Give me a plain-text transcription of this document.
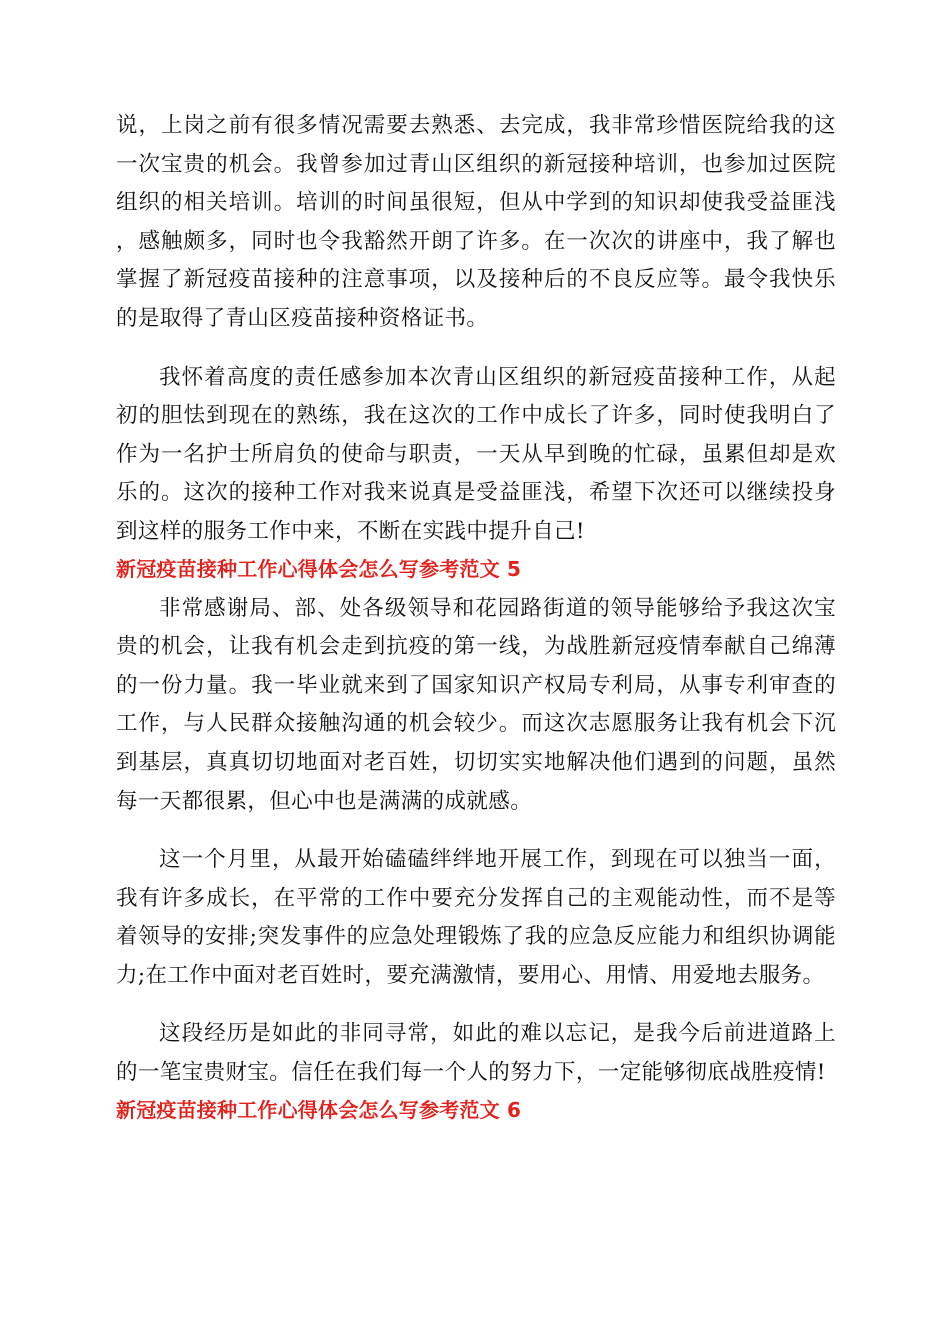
说，上岗之前有很多情况需要去熟悉、去完成，我非常珍惜医院给我的这一次宝贵的机会。我曾参加过青山区组织的新冠接种培训，也参加过医院组织的相关培训。培训的时间虽很短，但从中学到的知识却使我受益匪浅，感触颇多，同时也令我豁然开朗了许多。在一次次的讲座中，我了解也掌握了新冠疫苗接种的注意事项，以及接种后的不良反应等。最令我快乐的是取得了青山区疫苗接种资格证书。

我怀着高度的责任感参加本次青山区组织的新冠疫苗接种工作，从起初的胆怯到现在的熟练，我在这次的工作中成长了许多，同时使我明白了作为一名护士所肩负的使命与职责，一天从早到晚的忙碌，虽累但却是欢乐的。这次的接种工作对我来说真是受益匪浅，希望下次还可以继续投身到这样的服务工作中来，不断在实践中提升自己!

新冠疫苗接种工作心得体会怎么写参考范文 5

非常感谢局、部、处各级领导和花园路街道的领导能够给予我这次宝贵的机会，让我有机会走到抗疫的第一线，为战胜新冠疫情奉献自己绵薄的一份力量。我一毕业就来到了国家知识产权局专利局，从事专利审查的工作，与人民群众接触沟通的机会较少。而这次志愿服务让我有机会下沉到基层，真真切切地面对老百姓，切切实实地解决他们遇到的问题，虽然每一天都很累，但心中也是满满的成就感。

这一个月里，从最开始磕磕绊绊地开展工作，到现在可以独当一面，我有许多成长，在平常的工作中要充分发挥自己的主观能动性，而不是等着领导的安排;突发事件的应急处理锻炼了我的应急反应能力和组织协调能力;在工作中面对老百姓时，要充满激情，要用心、用情、用爱地去服务。

这段经历是如此的非同寻常，如此的难以忘记，是我今后前进道路上的一笔宝贵财宝。信任在我们每一个人的努力下，一定能够彻底战胜疫情!

新冠疫苗接种工作心得体会怎么写参考范文 6
